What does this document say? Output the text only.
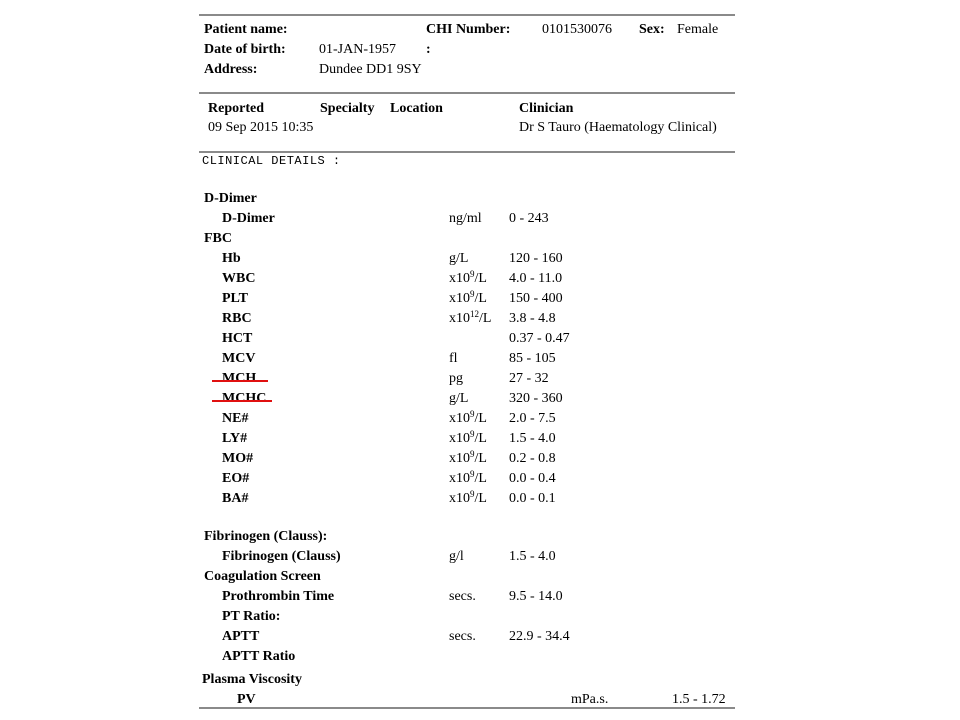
Patient name:	CHI Number: 0101530076 Sex: Female
Date of birth: 01-JAN-1957 :
Address:	Dundee DD1 9SY
Reported	Specialty Location	Clinician
09 Sep 2015 10:35	Dr S Tauro (Haematology Clinical)
CLINICAL DETAILS :
D-Dimer
D-Dimer	ng/ml 0 - 243
FBC
Hb	g/L	120 - 160
WBC	$x10^9/L$ 4.0 - 11.0
PLT	$x10^9/L$ 150 - 400
RBC	$x10^{12}/L$ 3.8 - 4.8
HCT	0.37 - 0.47
MCV	fl	85 - 105
MCH	pg	27 - 32
MCHC	g/L	320 - 360
NE#	$x10^9/L$ 2.0 - 7.5
LY#	$x10^9/L$ 1.5 - 4.0
MO#	$x10^9/L$ 0.2 - 0.8
EO#	$x10^9/L$ 0.0 - 0.4
BA#	$x10^9/L$ 0.0 - 0.1
Fibrinogen (Clauss):
Fibrinogen (Clauss)	g/l	1.5 - 4.0
Coagulation Screen
Prothrombin Time	secs. 9.5 - 14.0
PT Ratio:
APTT	secs. 22.9 - 34.4
APTT Ratio
Plasma Viscosity
PV	mPa.s.	1.5 - 1.72
